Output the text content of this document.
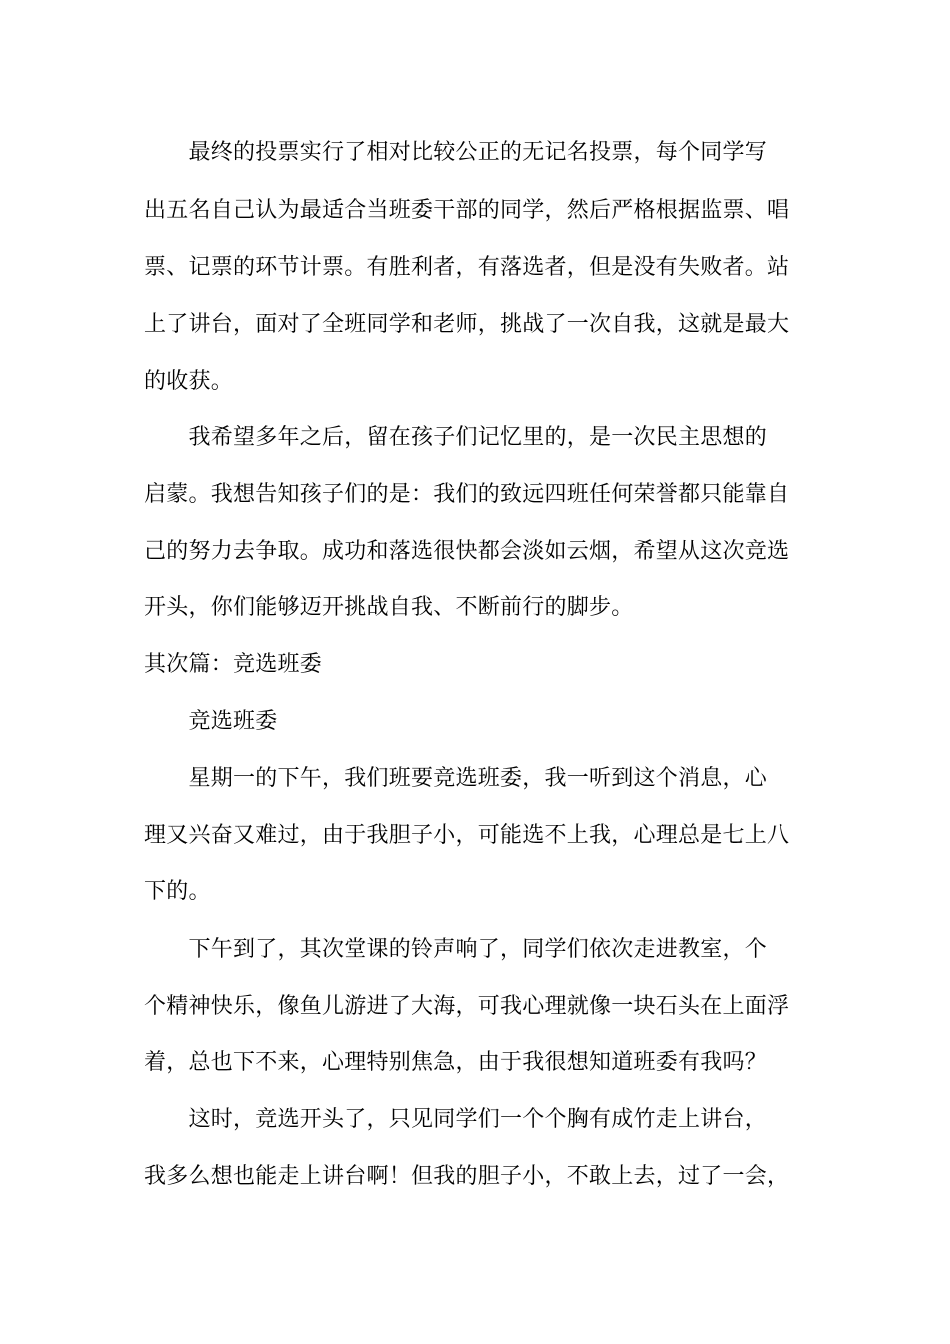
　　最终的投票实行了相对比较公正的无记名投票，每个同学写
出五名自己认为最适合当班委干部的同学，然后严格根据监票、唱
票、记票的环节计票。有胜利者，有落选者，但是没有失败者。站
上了讲台，面对了全班同学和老师，挑战了一次自我，这就是最大
的收获。
　　我希望多年之后，留在孩子们记忆里的，是一次民主思想的
启蒙。我想告知孩子们的是：我们的致远四班任何荣誉都只能靠自
己的努力去争取。成功和落选很快都会淡如云烟，希望从这次竞选
开头，你们能够迈开挑战自我、不断前行的脚步。
其次篇：竞选班委
　　竞选班委
　　星期一的下午，我们班要竞选班委，我一听到这个消息，心
理又兴奋又难过，由于我胆子小，可能选不上我，心理总是七上八
下的。
　　下午到了，其次堂课的铃声响了，同学们依次走进教室，个
个精神快乐，像鱼儿游进了大海，可我心理就像一块石头在上面浮
着，总也下不来，心理特别焦急，由于我很想知道班委有我吗？
　　这时，竞选开头了，只见同学们一个个胸有成竹走上讲台，
我多么想也能走上讲台啊！但我的胆子小，不敢上去，过了一会，
